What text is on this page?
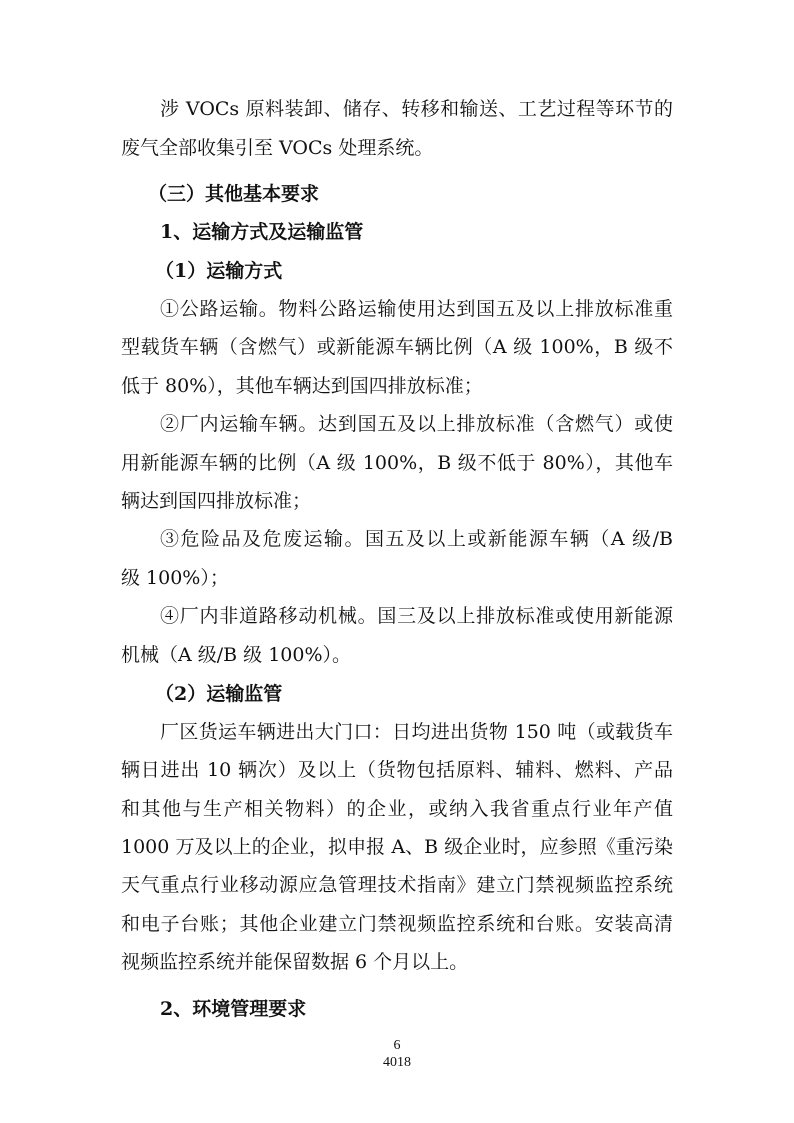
涉 VOCs 原料装卸、储存、转移和输送、工艺过程等环节的
废气全部收集引至 VOCs 处理系统。
（三）其他基本要求
1、运输方式及运输监管
（1）运输方式
①公路运输。物料公路运输使用达到国五及以上排放标准重
型载货车辆（含燃气）或新能源车辆比例（A 级 100%，B 级不
低于 80%），其他车辆达到国四排放标准；
②厂内运输车辆。达到国五及以上排放标准（含燃气）或使
用新能源车辆的比例（A 级 100%，B 级不低于 80%），其他车
辆达到国四排放标准；
③危险品及危废运输。国五及以上或新能源车辆（A 级/B
级 100%）；
④厂内非道路移动机械。国三及以上排放标准或使用新能源
机械（A 级/B 级 100%）。
（2）运输监管
厂区货运车辆进出大门口：日均进出货物 150 吨（或载货车
辆日进出 10 辆次）及以上（货物包括原料、辅料、燃料、产品
和其他与生产相关物料）的企业，或纳入我省重点行业年产值
1000 万及以上的企业，拟申报 A、B 级企业时，应参照《重污染
天气重点行业移动源应急管理技术指南》建立门禁视频监控系统
和电子台账；其他企业建立门禁视频监控系统和台账。安装高清
视频监控系统并能保留数据 6 个月以上。
2、环境管理要求
6
4018
